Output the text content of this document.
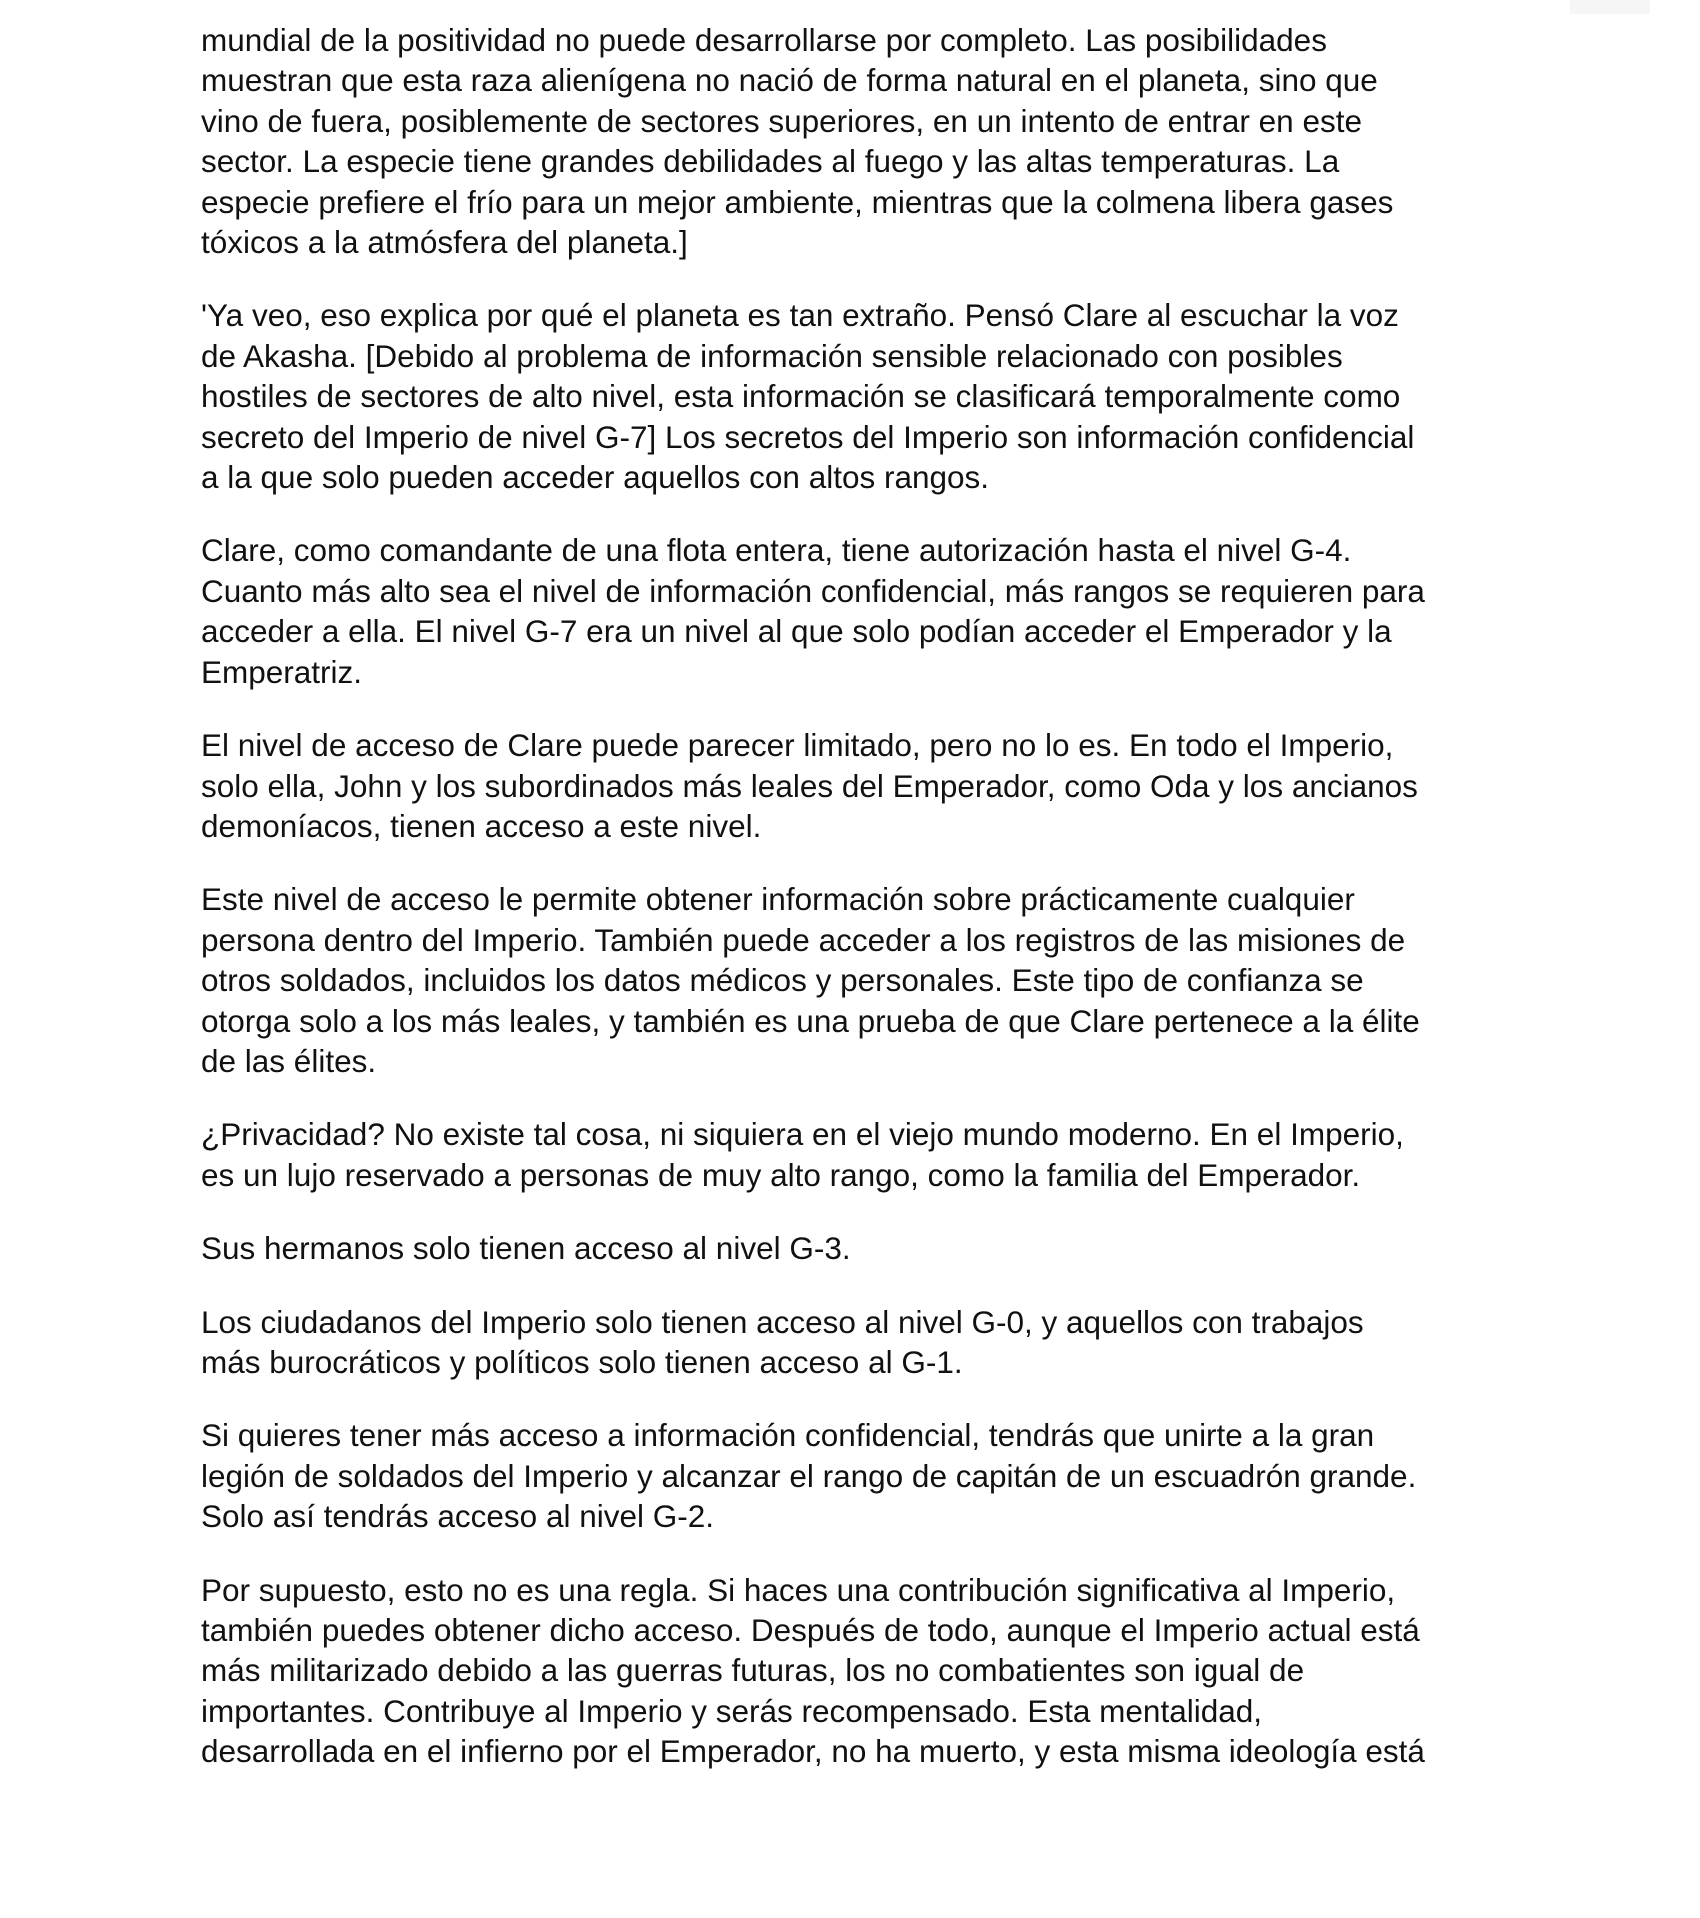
mundial de la positividad no puede desarrollarse por completo. Las posibilidades
muestran que esta raza alienígena no nació de forma natural en el planeta, sino que
vino de fuera, posiblemente de sectores superiores, en un intento de entrar en este
sector. La especie tiene grandes debilidades al fuego y las altas temperaturas. La
especie prefiere el frío para un mejor ambiente, mientras que la colmena libera gases
tóxicos a la atmósfera del planeta.]

'Ya veo, eso explica por qué el planeta es tan extraño. Pensó Clare al escuchar la voz
de Akasha. [Debido al problema de información sensible relacionado con posibles
hostiles de sectores de alto nivel, esta información se clasificará temporalmente como
secreto del Imperio de nivel G-7] Los secretos del Imperio son información confidencial
a la que solo pueden acceder aquellos con altos rangos.

Clare, como comandante de una flota entera, tiene autorización hasta el nivel G-4.
Cuanto más alto sea el nivel de información confidencial, más rangos se requieren para
acceder a ella. El nivel G-7 era un nivel al que solo podían acceder el Emperador y la
Emperatriz.

El nivel de acceso de Clare puede parecer limitado, pero no lo es. En todo el Imperio,
solo ella, John y los subordinados más leales del Emperador, como Oda y los ancianos
demoníacos, tienen acceso a este nivel.

Este nivel de acceso le permite obtener información sobre prácticamente cualquier
persona dentro del Imperio. También puede acceder a los registros de las misiones de
otros soldados, incluidos los datos médicos y personales. Este tipo de confianza se
otorga solo a los más leales, y también es una prueba de que Clare pertenece a la élite
de las élites.

¿Privacidad? No existe tal cosa, ni siquiera en el viejo mundo moderno. En el Imperio,
es un lujo reservado a personas de muy alto rango, como la familia del Emperador.

Sus hermanos solo tienen acceso al nivel G-3.

Los ciudadanos del Imperio solo tienen acceso al nivel G-0, y aquellos con trabajos
más burocráticos y políticos solo tienen acceso al G-1.

Si quieres tener más acceso a información confidencial, tendrás que unirte a la gran
legión de soldados del Imperio y alcanzar el rango de capitán de un escuadrón grande.
Solo así tendrás acceso al nivel G-2.

Por supuesto, esto no es una regla. Si haces una contribución significativa al Imperio,
también puedes obtener dicho acceso. Después de todo, aunque el Imperio actual está
más militarizado debido a las guerras futuras, los no combatientes son igual de
importantes. Contribuye al Imperio y serás recompensado. Esta mentalidad,
desarrollada en el infierno por el Emperador, no ha muerto, y esta misma ideología está
